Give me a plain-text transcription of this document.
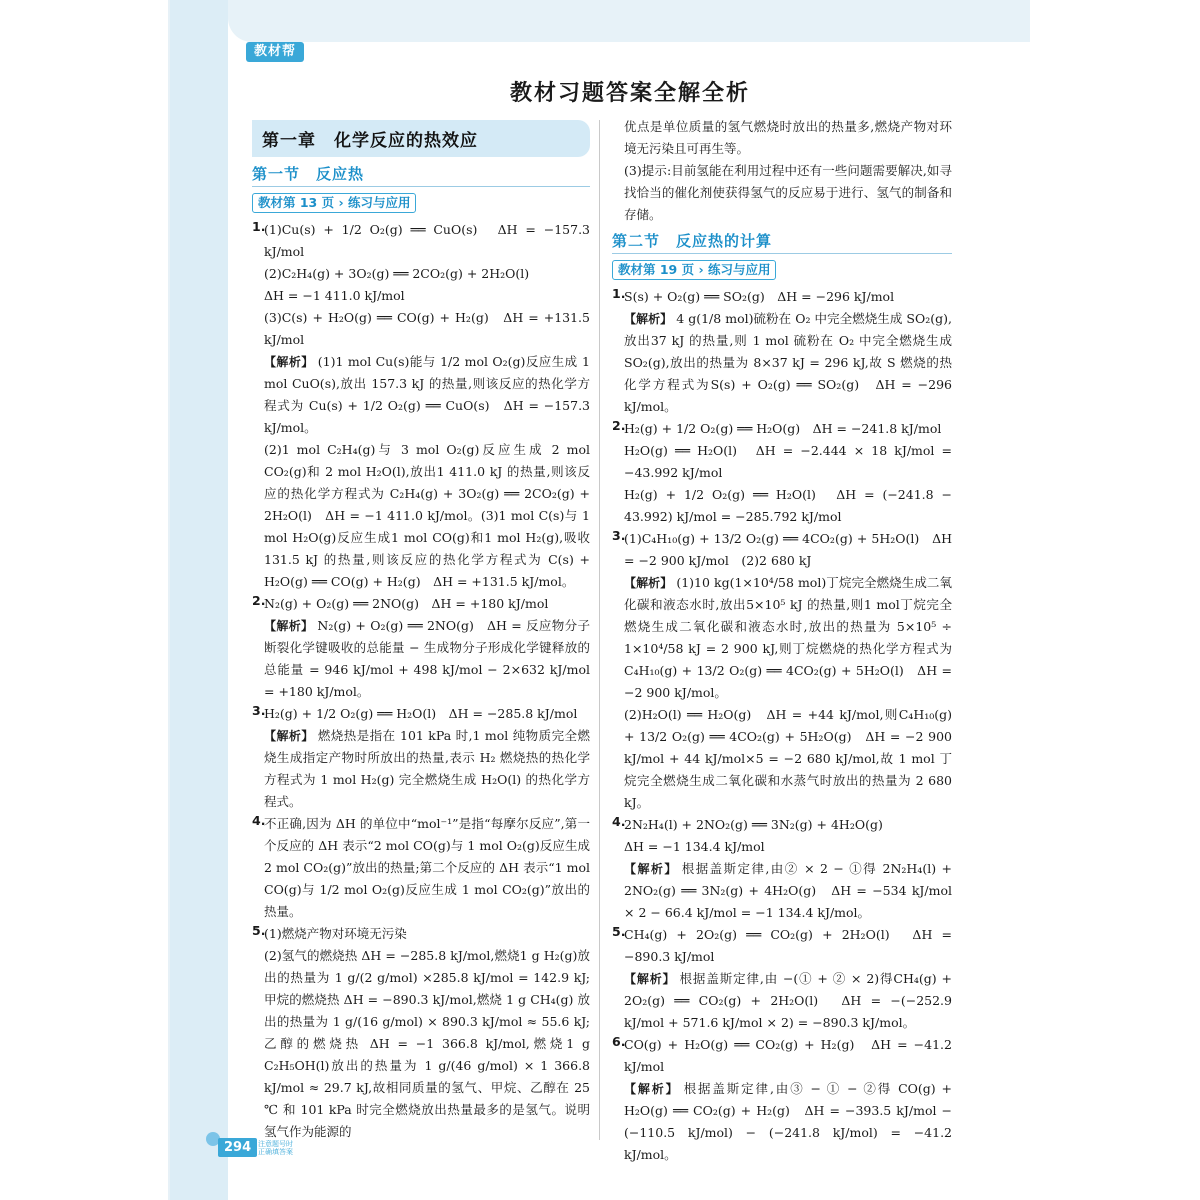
教材帮
教材习题答案全解全析
第一章　化学反应的热效应
第一节　反应热
教材第 13 页 › 练习与应用
1.
(1)Cu(s) + 1/2 O₂(g) ══ CuO(s)　ΔH = −157.3 kJ/mol
(2)C₂H₄(g) + 3O₂(g) ══ 2CO₂(g) + 2H₂O(l)
ΔH = −1 411.0 kJ/mol
(3)C(s) + H₂O(g) ══ CO(g) + H₂(g)　ΔH = +131.5 kJ/mol
【解析】 (1)1 mol Cu(s)能与 1/2 mol O₂(g)反应生成 1 mol CuO(s),放出 157.3 kJ 的热量,则该反应的热化学方程式为 Cu(s) + 1/2 O₂(g) ══ CuO(s)　ΔH = −157.3 kJ/mol。
(2)1 mol C₂H₄(g)与 3 mol O₂(g)反应生成 2 mol CO₂(g)和 2 mol H₂O(l),放出1 411.0 kJ 的热量,则该反应的热化学方程式为 C₂H₄(g) + 3O₂(g) ══ 2CO₂(g) + 2H₂O(l)　ΔH = −1 411.0 kJ/mol。(3)1 mol C(s)与 1 mol H₂O(g)反应生成1 mol CO(g)和1 mol H₂(g),吸收 131.5 kJ 的热量,则该反应的热化学方程式为 C(s) + H₂O(g) ══ CO(g) + H₂(g)　ΔH = +131.5 kJ/mol。
2.
N₂(g) + O₂(g) ══ 2NO(g)　ΔH = +180 kJ/mol
【解析】 N₂(g) + O₂(g) ══ 2NO(g)　ΔH = 反应物分子断裂化学键吸收的总能量 − 生成物分子形成化学键释放的总能量 = 946 kJ/mol + 498 kJ/mol − 2×632 kJ/mol = +180 kJ/mol。
3.
H₂(g) + 1/2 O₂(g) ══ H₂O(l)　ΔH = −285.8 kJ/mol
【解析】 燃烧热是指在 101 kPa 时,1 mol 纯物质完全燃烧生成指定产物时所放出的热量,表示 H₂ 燃烧热的热化学方程式为 1 mol H₂(g) 完全燃烧生成 H₂O(l) 的热化学方程式。
4.
不正确,因为 ΔH 的单位中“mol⁻¹”是指“每摩尔反应”,第一个反应的 ΔH 表示“2 mol CO(g)与 1 mol O₂(g)反应生成 2 mol CO₂(g)”放出的热量;第二个反应的 ΔH 表示“1 mol CO(g)与 1/2 mol O₂(g)反应生成 1 mol CO₂(g)”放出的热量。
5.
(1)燃烧产物对环境无污染
(2)氢气的燃烧热 ΔH = −285.8 kJ/mol,燃烧1 g H₂(g)放出的热量为 1 g/(2 g/mol) ×285.8 kJ/mol = 142.9 kJ;甲烷的燃烧热 ΔH = −890.3 kJ/mol,燃烧 1 g CH₄(g) 放出的热量为 1 g/(16 g/mol) × 890.3 kJ/mol ≈ 55.6 kJ;乙醇的燃烧热 ΔH = −1 366.8 kJ/mol,燃烧1 g C₂H₅OH(l)放出的热量为 1 g/(46 g/mol) × 1 366.8 kJ/mol ≈ 29.7 kJ,故相同质量的氢气、甲烷、乙醇在 25 ℃ 和 101 kPa 时完全燃烧放出热量最多的是氢气。说明氢气作为能源的
优点是单位质量的氢气燃烧时放出的热量多,燃烧产物对环境无污染且可再生等。
(3)提示:目前氢能在利用过程中还有一些问题需要解决,如寻找恰当的催化剂使获得氢气的反应易于进行、氢气的制备和存储。
第二节　反应热的计算
教材第 19 页 › 练习与应用
1.
S(s) + O₂(g) ══ SO₂(g)　ΔH = −296 kJ/mol
【解析】 4 g(1/8 mol)硫粉在 O₂ 中完全燃烧生成 SO₂(g),放出37 kJ 的热量,则 1 mol 硫粉在 O₂ 中完全燃烧生成 SO₂(g),放出的热量为 8×37 kJ = 296 kJ,故 S 燃烧的热化学方程式为S(s) + O₂(g) ══ SO₂(g)　ΔH = −296 kJ/mol。
2.
H₂(g) + 1/2 O₂(g) ══ H₂O(g)　ΔH = −241.8 kJ/mol
H₂O(g) ══ H₂O(l)　ΔH = −2.444 × 18 kJ/mol = −43.992 kJ/mol
H₂(g) + 1/2 O₂(g) ══ H₂O(l)　ΔH = (−241.8 − 43.992) kJ/mol = −285.792 kJ/mol
3.
(1)C₄H₁₀(g) + 13/2 O₂(g) ══ 4CO₂(g) + 5H₂O(l)　ΔH = −2 900 kJ/mol　(2)2 680 kJ
【解析】 (1)10 kg(1×10⁴/58 mol)丁烷完全燃烧生成二氧化碳和液态水时,放出5×10⁵ kJ 的热量,则1 mol丁烷完全燃烧生成二氧化碳和液态水时,放出的热量为 5×10⁵ ÷ 1×10⁴/58 kJ = 2 900 kJ,则丁烷燃烧的热化学方程式为 C₄H₁₀(g) + 13/2 O₂(g) ══ 4CO₂(g) + 5H₂O(l)　ΔH = −2 900 kJ/mol。
(2)H₂O(l) ══ H₂O(g)　ΔH = +44 kJ/mol,则C₄H₁₀(g) + 13/2 O₂(g) ══ 4CO₂(g) + 5H₂O(g)　ΔH = −2 900 kJ/mol + 44 kJ/mol×5 = −2 680 kJ/mol,故 1 mol 丁烷完全燃烧生成二氧化碳和水蒸气时放出的热量为 2 680 kJ。
4.
2N₂H₄(l) + 2NO₂(g) ══ 3N₂(g) + 4H₂O(g)
ΔH = −1 134.4 kJ/mol
【解析】 根据盖斯定律,由② × 2 − ①得 2N₂H₄(l) + 2NO₂(g) ══ 3N₂(g) + 4H₂O(g)　ΔH = −534 kJ/mol × 2 − 66.4 kJ/mol = −1 134.4 kJ/mol。
5.
CH₄(g) + 2O₂(g) ══ CO₂(g) + 2H₂O(l)　ΔH = −890.3 kJ/mol
【解析】 根据盖斯定律,由 −(① + ② × 2)得CH₄(g) + 2O₂(g) ══ CO₂(g) + 2H₂O(l)　ΔH = −(−252.9 kJ/mol + 571.6 kJ/mol × 2) = −890.3 kJ/mol。
6.
CO(g) + H₂O(g) ══ CO₂(g) + H₂(g)　ΔH = −41.2 kJ/mol
【解析】 根据盖斯定律,由③ − ① − ②得 CO(g) + H₂O(g) ══ CO₂(g) + H₂(g)　ΔH = −393.5 kJ/mol − (−110.5 kJ/mol) − (−241.8 kJ/mol) = −41.2 kJ/mol。
294 注意题号时 正确填答案
